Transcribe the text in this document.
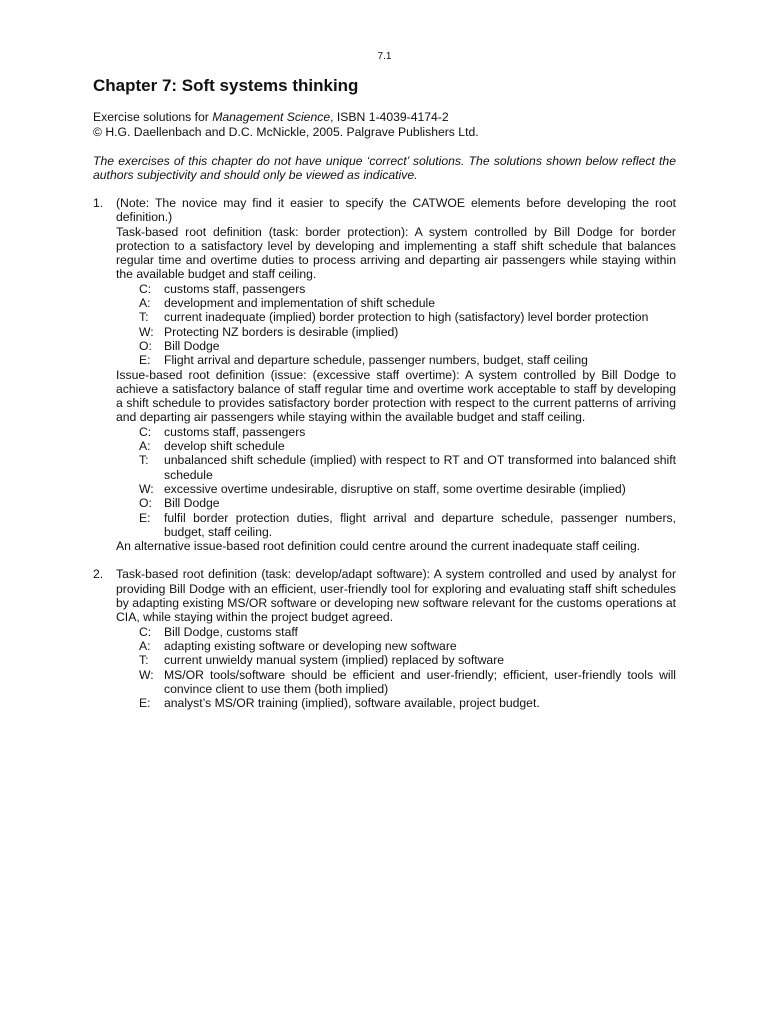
7.1
Chapter 7: Soft systems thinking
Exercise solutions for Management Science, ISBN 1-4039-4174-2
© H.G. Daellenbach and D.C. McNickle, 2005. Palgrave Publishers Ltd.
The exercises of this chapter do not have unique ‘correct’ solutions. The solutions shown below reflect the authors subjectivity and should only be viewed as indicative.
1. (Note: The novice may find it easier to specify the CATWOE elements before developing the root definition.)
Task-based root definition (task: border protection): A system controlled by Bill Dodge for border protection to a satisfactory level by developing and implementing a staff shift schedule that balances regular time and overtime duties to process arriving and departing air passengers while staying within the available budget and staff ceiling.
C:	customs staff, passengers
A:	development and implementation of shift schedule
T:	current inadequate (implied) border protection to high (satisfactory) level border protection
W: Protecting NZ borders is desirable (implied)
O: Bill Dodge
E:	Flight arrival and departure schedule, passenger numbers, budget, staff ceiling
Issue-based root definition (issue: (excessive staff overtime): A system controlled by Bill Dodge to achieve a satisfactory balance of staff regular time and overtime work acceptable to staff by developing a shift schedule to provides satisfactory border protection with respect to the current patterns of arriving and departing air passengers while staying within the available budget and staff ceiling.
C:	customs staff, passengers
A:	develop shift schedule
T:	unbalanced shift schedule (implied) with respect to RT and OT transformed into balanced shift schedule
W: excessive overtime undesirable, disruptive on staff, some overtime desirable (implied)
O: Bill Dodge
E:	fulfil border protection duties, flight arrival and departure schedule, passenger numbers, budget, staff ceiling.
An alternative issue-based root definition could centre around the current inadequate staff ceiling.
2. Task-based root definition (task: develop/adapt software): A system controlled and used by analyst for providing Bill Dodge with an efficient, user-friendly tool for exploring and evaluating staff shift schedules by adapting existing MS/OR software or developing new software relevant for the customs operations at CIA, while staying within the project budget agreed.
C:	Bill Dodge, customs staff
A:	adapting existing software or developing new software
T:	current unwieldy manual system (implied) replaced by software
W: MS/OR tools/software should be efficient and user-friendly; efficient, user-friendly tools will convince client to use them (both implied)
E:	analyst’s MS/OR training (implied), software available, project budget.
